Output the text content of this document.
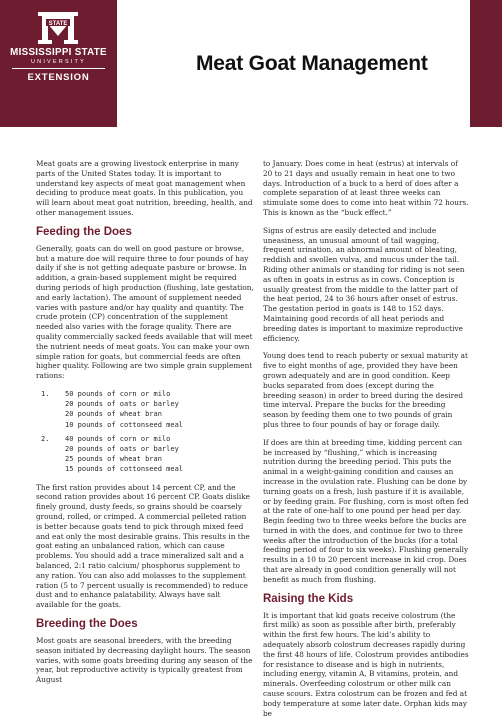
STATE
MISSISSIPPI STATE
UNIVERSITY
EXTENSION
Meat Goat Management

Meat goats are a growing livestock enterprise in many parts of the United States today. It is important to understand key aspects of meat goat management when deciding to produce meat goats. In this publication, you will learn about meat goat nutrition, breeding, health, and other management issues.

Feeding the Does

Generally, goats can do well on good pasture or browse, but a mature doe will require three to four pounds of hay daily if she is not getting adequate pasture or browse. In addition, a grain-based supplement might be required during periods of high production (flushing, late gestation, and early lactation). The amount of supplement needed varies with pasture and/or hay quality and quantity. The crude protein (CP) concentration of the supplement needed also varies with the forage quality. There are quality commercially sacked feeds available that will meet the nutrient needs of meat goats. You can make your own simple ration for goats, but commercial feeds are often higher quality. Following are two simple grain supplement rations:

1.	50 pounds of corn or milo
20 pounds of oats or barley
20 pounds of wheat bran
10 pounds of cottonseed meal
2.	40 pounds of corn or milo
20 pounds of oats or barley
25 pounds of wheat bran
15 pounds of cottonseed meal

The first ration provides about 14 percent CP, and the second ration provides about 16 percent CP. Goats dislike finely ground, dusty feeds, so grains should be coarsely ground, rolled, or crimped. A commercial pelleted ration is better because goats tend to pick through mixed feed and eat only the most desirable grains. This results in the goat eating an unbalanced ration, which can cause problems. You should add a trace mineralized salt and a balanced, 2:1 ratio calcium/ phosphorus supplement to any ration. You can also add molasses to the supplement ration (5 to 7 percent usually is recommended) to reduce dust and to enhance palatability. Always have salt available for the goats.

Breeding the Does

Most goats are seasonal breeders, with the breeding season initiated by decreasing daylight hours. The season varies, with some goats breeding during any season of the year, but reproductive activity is typically greatest from August

to January. Does come in heat (estrus) at intervals of 20 to 21 days and usually remain in heat one to two days. Introduction of a buck to a herd of does after a complete separation of at least three weeks can stimulate some does to come into heat within 72 hours. This is known as the “buck effect.”

Signs of estrus are easily detected and include uneasiness, an unusual amount of tail wagging, frequent urination, an abnormal amount of bleating, reddish and swollen vulva, and mucus under the tail. Riding other animals or standing for riding is not seen as often in goats in estrus as in cows. Conception is usually greatest from the middle to the latter part of the heat period, 24 to 36 hours after onset of estrus. The gestation period in goats is 148 to 152 days. Maintaining good records of all heat periods and breeding dates is important to maximize reproductive efficiency.

Young does tend to reach puberty or sexual maturity at five to eight months of age, provided they have been grown adequately and are in good condition. Keep bucks separated from does (except during the breeding season) in order to breed during the desired time interval. Prepare the bucks for the breeding season by feeding them one to two pounds of grain plus three to four pounds of hay or forage daily.

If does are thin at breeding time, kidding percent can be increased by “flushing,” which is increasing nutrition during the breeding period. This puts the animal in a weight-gaining condition and causes an increase in the ovulation rate. Flushing can be done by turning goats on a fresh, lush pasture if it is available, or by feeding grain. For flushing, corn is most often fed at the rate of one-half to one pound per head per day. Begin feeding two to three weeks before the bucks are turned in with the does, and continue for two to three weeks after the introduction of the bucks (for a total feeding period of four to six weeks). Flushing generally results in a 10 to 20 percent increase in kid crop. Does that are already in good condition generally will not benefit as much from flushing.

Raising the Kids

It is important that kid goats receive colostrum (the first milk) as soon as possible after birth, preferably within the first few hours. The kid’s ability to adequately absorb colostrum decreases rapidly during the first 48 hours of life. Colostrum provides antibodies for resistance to disease and is high in nutrients, including energy, vitamin A, B vitamins, protein, and minerals. Overfeeding colostrum or other milk can cause scours. Extra colostrum can be frozen and fed at body temperature at some later date. Orphan kids may be
